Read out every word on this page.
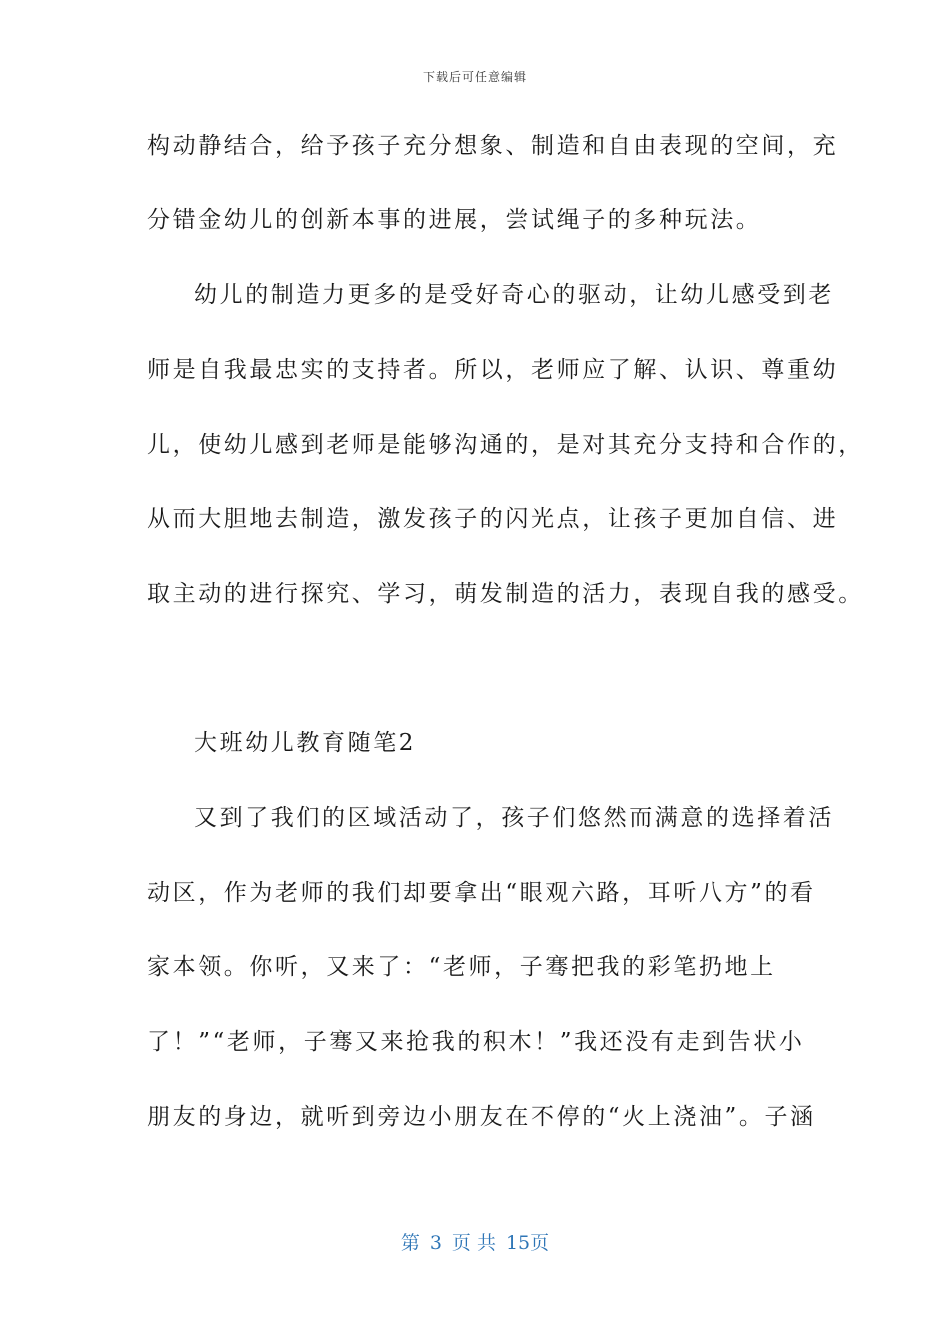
下载后可任意编辑
构动静结合，给予孩子充分想象、制造和自由表现的空间，充
分错金幼儿的创新本事的进展，尝试绳子的多种玩法。
幼儿的制造力更多的是受好奇心的驱动，让幼儿感受到老
师是自我最忠实的支持者。所以，老师应了解、认识、尊重幼
儿，使幼儿感到老师是能够沟通的，是对其充分支持和合作的，
从而大胆地去制造，激发孩子的闪光点，让孩子更加自信、进
取主动的进行探究、学习，萌发制造的活力，表现自我的感受。
大班幼儿教育随笔2
又到了我们的区域活动了，孩子们悠然而满意的选择着活
动区，作为老师的我们却要拿出“眼观六路，耳听八方”的看
家本领。你听，又来了：“老师，子骞把我的彩笔扔地上
了！”“老师，子骞又来抢我的积木！”我还没有走到告状小
朋友的身边，就听到旁边小朋友在不停的“火上浇油”。子涵
第 3 页 共 15页
